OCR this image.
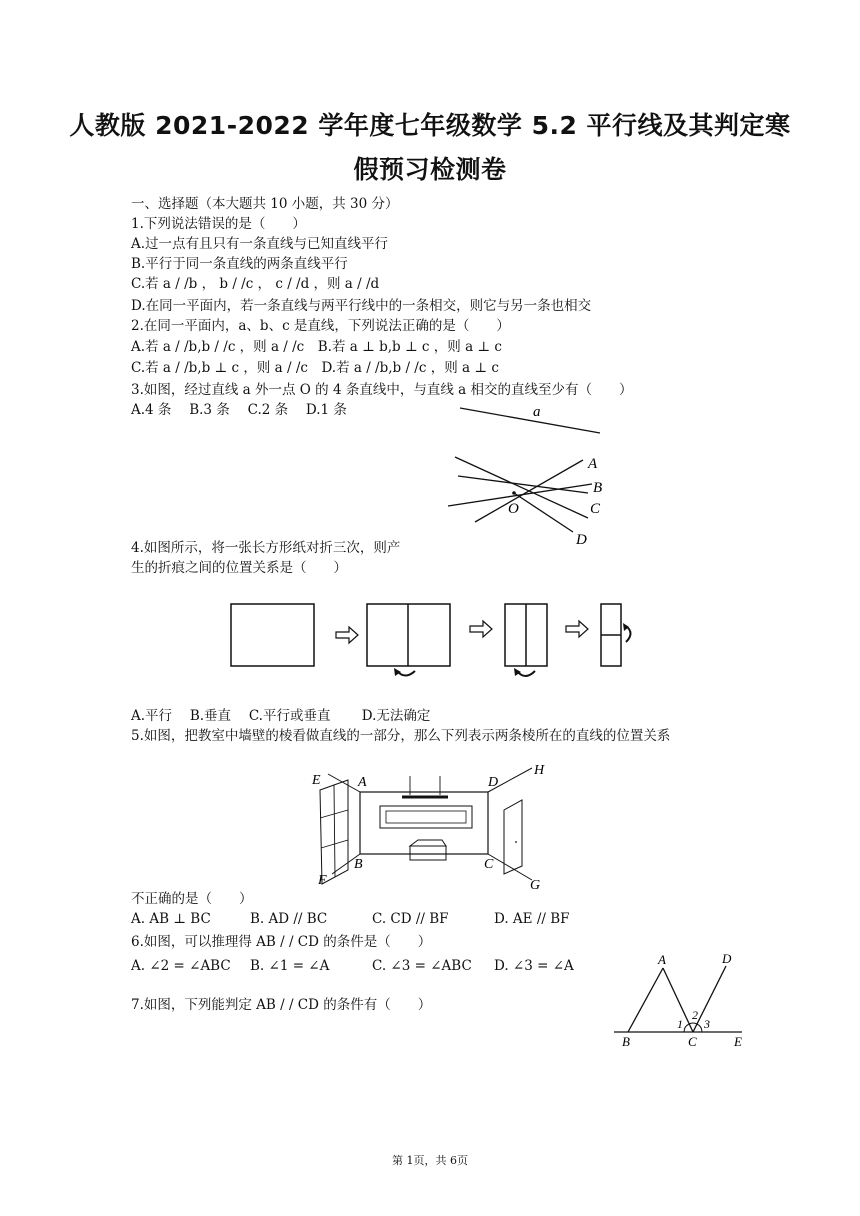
人教版 2021-2022 学年度七年级数学 5.2 平行线及其判定寒
假预习检测卷
一、选择题（本大题共 10 小题，共 30 分）
1.下列说法错误的是（　　）
A.过一点有且只有一条直线与已知直线平行
B.平行于同一条直线的两条直线平行
C.若 a / /b ， b / /c ， c / /d ，则 a / /d
D.在同一平面内，若一条直线与两平行线中的一条相交，则它与另一条也相交
2.在同一平面内，a、b、c 是直线，下列说法正确的是（　　）
A.若 a / /b,b / /c ，则 a / /c　B.若 a ⊥ b,b ⊥ c ，则 a ⊥ c
C.若 a / /b,b ⊥ c ，则 a / /c　D.若 a / /b,b / /c ，则 a ⊥ c
3.如图，经过直线 a 外一点 O 的 4 条直线中，与直线 a 相交的直线至少有（　　）
A.4 条　 B.3 条　 C.2 条　 D.1 条	a
A
B
C
O
D
4.如图所示，将一张长方形纸对折三次，则产
生的折痕之间的位置关系是（　　）
A.平行　 B.垂直　 C.平行或垂直　　 D.无法确定
5.如图，把教室中墙壁的棱看做直线的一部分，那么下列表示两条棱所在的直线的位置关系
E	A	D
H
B	C
F	G
不正确的是（　　）
A. AB ⊥ BC	B. AD // BC	C. CD // BF	D. AE // BF
6.如图，可以推理得 AB / / CD 的条件是（　　）
A. ∠2 = ∠ABC B. ∠1 = ∠A	C. ∠3 = ∠ABC D. ∠3 = ∠A	A	D
B	C	E
1
2
3
7.如图，下列能判定 AB / / CD 的条件有（　　）
第 1页，共 6页
